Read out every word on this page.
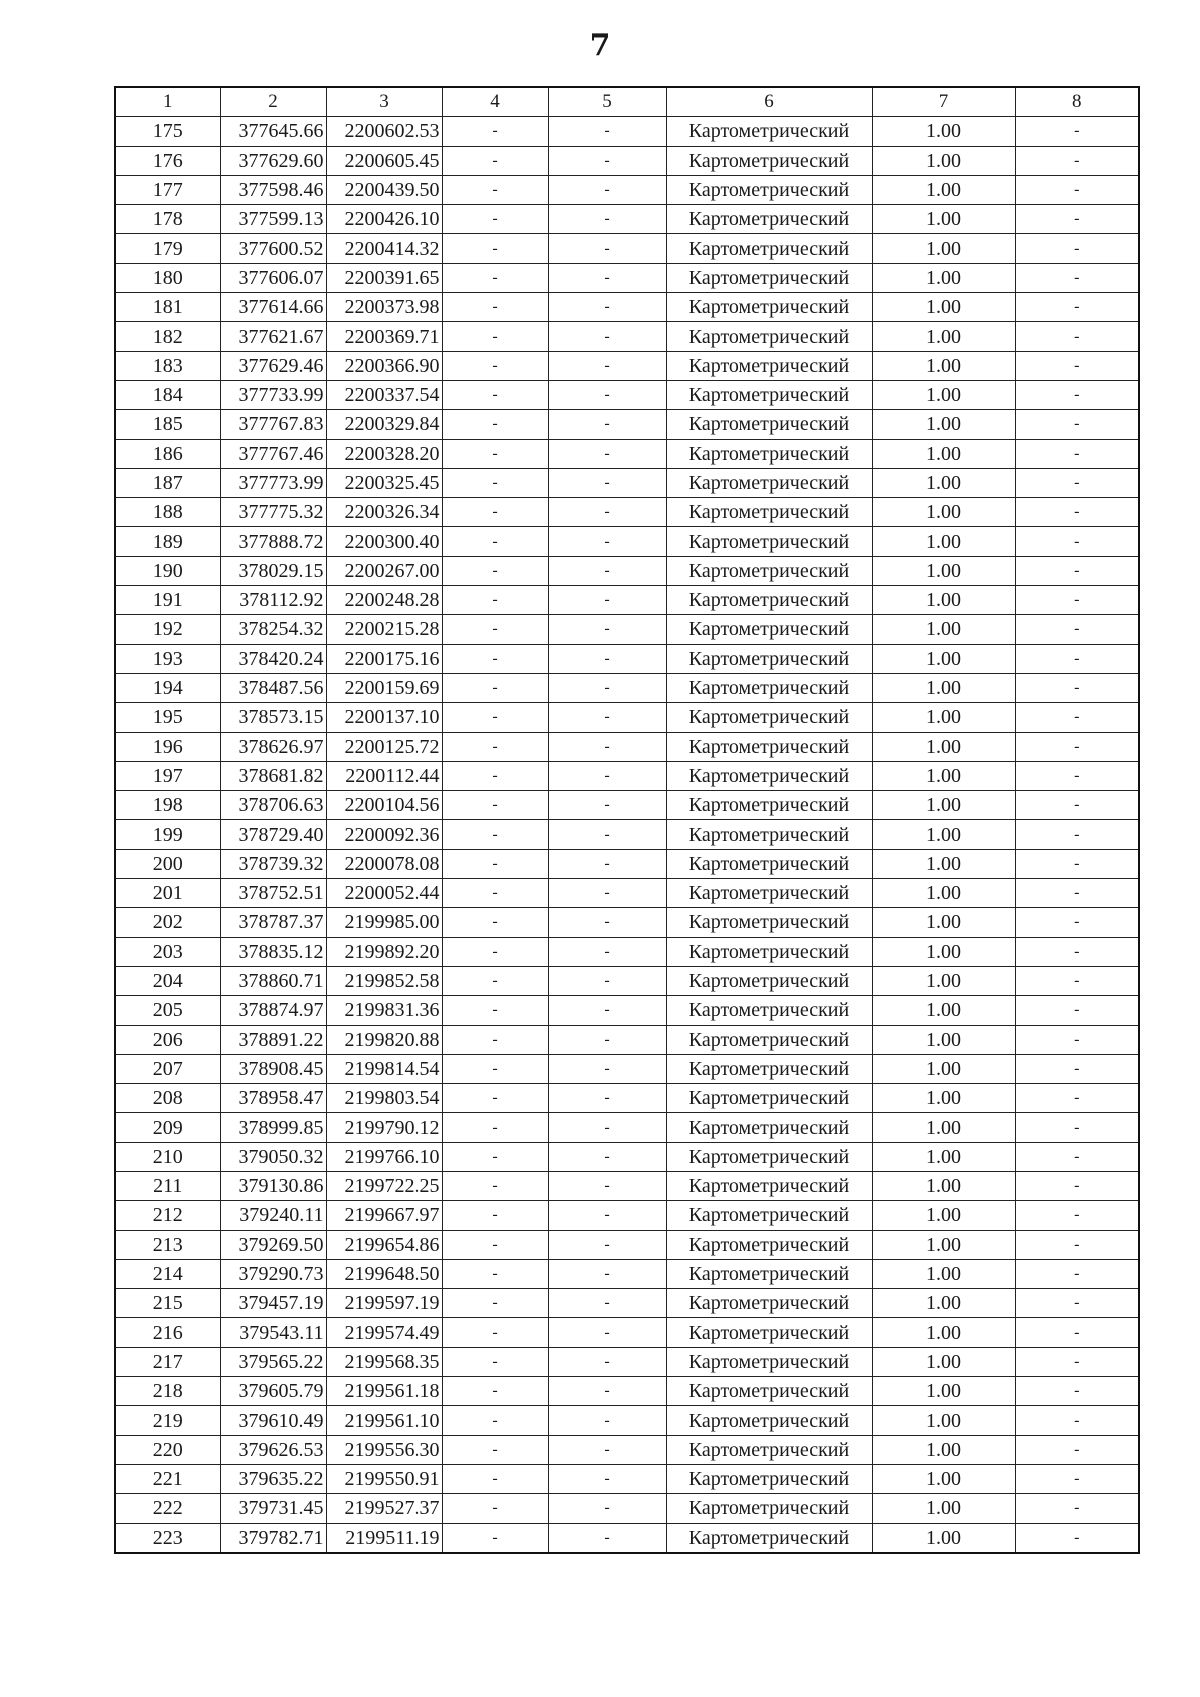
7
1	2	3	4	5	6	7	8
175	377645.66	2200602.53	-	-	Картометрический	1.00	-
176	377629.60	2200605.45	-	-	Картометрический	1.00	-
177	377598.46	2200439.50	-	-	Картометрический	1.00	-
178	377599.13	2200426.10	-	-	Картометрический	1.00	-
179	377600.52	2200414.32	-	-	Картометрический	1.00	-
180	377606.07	2200391.65	-	-	Картометрический	1.00	-
181	377614.66	2200373.98	-	-	Картометрический	1.00	-
182	377621.67	2200369.71	-	-	Картометрический	1.00	-
183	377629.46	2200366.90	-	-	Картометрический	1.00	-
184	377733.99	2200337.54	-	-	Картометрический	1.00	-
185	377767.83	2200329.84	-	-	Картометрический	1.00	-
186	377767.46	2200328.20	-	-	Картометрический	1.00	-
187	377773.99	2200325.45	-	-	Картометрический	1.00	-
188	377775.32	2200326.34	-	-	Картометрический	1.00	-
189	377888.72	2200300.40	-	-	Картометрический	1.00	-
190	378029.15	2200267.00	-	-	Картометрический	1.00	-
191	378112.92	2200248.28	-	-	Картометрический	1.00	-
192	378254.32	2200215.28	-	-	Картометрический	1.00	-
193	378420.24	2200175.16	-	-	Картометрический	1.00	-
194	378487.56	2200159.69	-	-	Картометрический	1.00	-
195	378573.15	2200137.10	-	-	Картометрический	1.00	-
196	378626.97	2200125.72	-	-	Картометрический	1.00	-
197	378681.82	2200112.44	-	-	Картометрический	1.00	-
198	378706.63	2200104.56	-	-	Картометрический	1.00	-
199	378729.40	2200092.36	-	-	Картометрический	1.00	-
200	378739.32	2200078.08	-	-	Картометрический	1.00	-
201	378752.51	2200052.44	-	-	Картометрический	1.00	-
202	378787.37	2199985.00	-	-	Картометрический	1.00	-
203	378835.12	2199892.20	-	-	Картометрический	1.00	-
204	378860.71	2199852.58	-	-	Картометрический	1.00	-
205	378874.97	2199831.36	-	-	Картометрический	1.00	-
206	378891.22	2199820.88	-	-	Картометрический	1.00	-
207	378908.45	2199814.54	-	-	Картометрический	1.00	-
208	378958.47	2199803.54	-	-	Картометрический	1.00	-
209	378999.85	2199790.12	-	-	Картометрический	1.00	-
210	379050.32	2199766.10	-	-	Картометрический	1.00	-
211	379130.86	2199722.25	-	-	Картометрический	1.00	-
212	379240.11	2199667.97	-	-	Картометрический	1.00	-
213	379269.50	2199654.86	-	-	Картометрический	1.00	-
214	379290.73	2199648.50	-	-	Картометрический	1.00	-
215	379457.19	2199597.19	-	-	Картометрический	1.00	-
216	379543.11	2199574.49	-	-	Картометрический	1.00	-
217	379565.22	2199568.35	-	-	Картометрический	1.00	-
218	379605.79	2199561.18	-	-	Картометрический	1.00	-
219	379610.49	2199561.10	-	-	Картометрический	1.00	-
220	379626.53	2199556.30	-	-	Картометрический	1.00	-
221	379635.22	2199550.91	-	-	Картометрический	1.00	-
222	379731.45	2199527.37	-	-	Картометрический	1.00	-
223	379782.71	2199511.19	-	-	Картометрический	1.00	-
